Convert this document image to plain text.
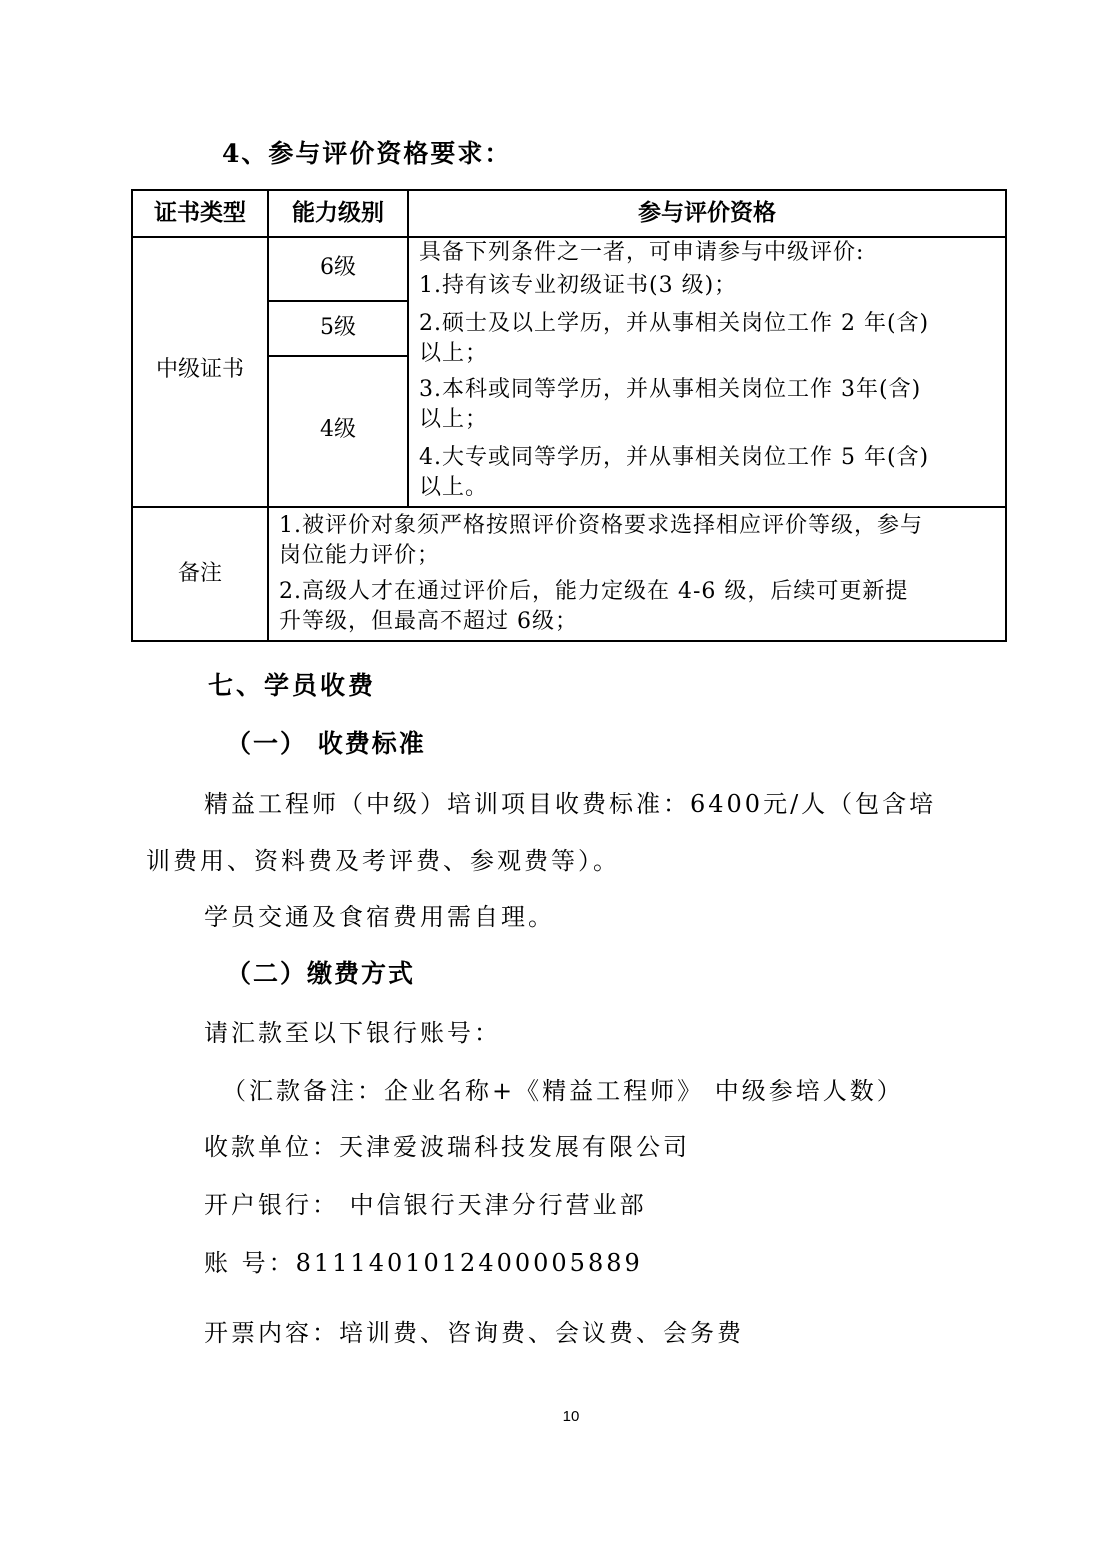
4、参与评价资格要求：
证书类型	能力级别	参与评价资格
中级证书
6级
5级
4级
具备下列条件之一者，可申请参与中级评价:
1.持有该专业初级证书(3 级)；
2.硕士及以上学历，并从事相关岗位工作 2 年(含)
以上；
3.本科或同等学历，并从事相关岗位工作 3年(含)
以上；
4.大专或同等学历，并从事相关岗位工作 5 年(含)
以上。
备注
1.被评价对象须严格按照评价资格要求选择相应评价等级，参与
岗位能力评价；
2.高级人才在通过评价后，能力定级在 4-6 级，后续可更新提
升等级，但最高不超过 6级；
七、学员收费
（一） 收费标准
精益工程师（中级）培训项目收费标准：6400元/人（包含培
训费用、资料费及考评费、参观费等）。
学员交通及食宿费用需自理。
（二）缴费方式
请汇款至以下银行账号：
（汇款备注：企业名称+《精益工程师》 中级参培人数）
收款单位：天津爱波瑞科技发展有限公司
开户银行： 中信银行天津分行营业部
账 号：8111401012400005889
开票内容：培训费、咨询费、会议费、会务费
10
